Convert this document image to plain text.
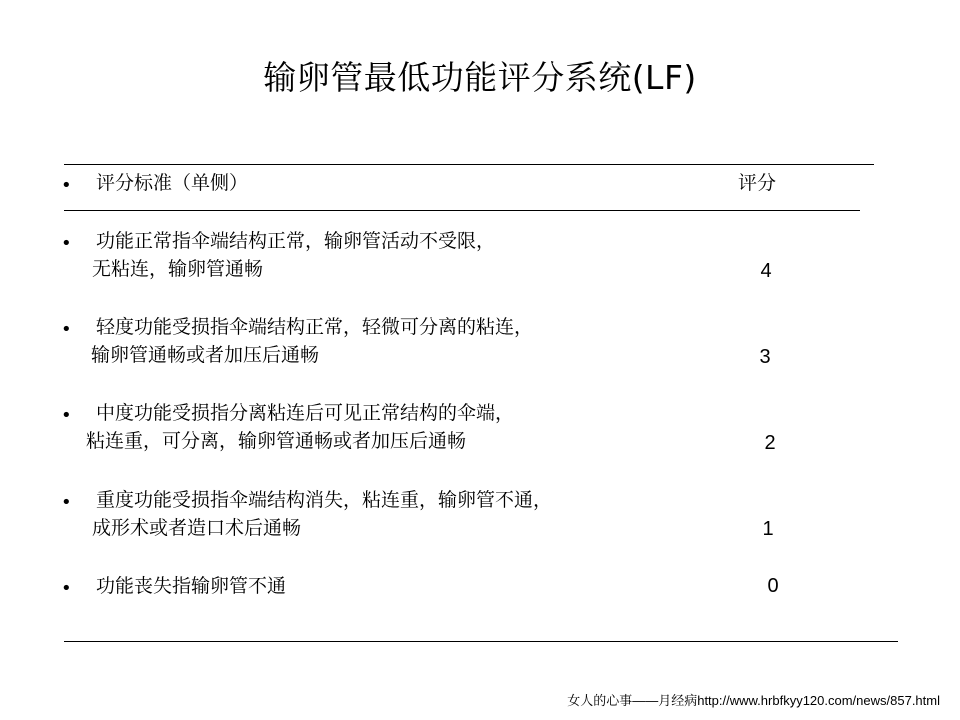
输卵管最低功能评分系统(LF)
• 评分标准（单侧）	评分
• 功能正常指伞端结构正常，输卵管活动不受限，
无粘连，输卵管通畅	4
• 轻度功能受损指伞端结构正常，轻微可分离的粘连，
输卵管通畅或者加压后通畅	3
• 中度功能受损指分离粘连后可见正常结构的伞端，
粘连重，可分离，输卵管通畅或者加压后通畅	2
• 重度功能受损指伞端结构消失，粘连重，输卵管不通，
成形术或者造口术后通畅	1
• 功能丧失指输卵管不通	0
女人的心事——月经病http://www.hrbfkyy120.com/news/857.html
